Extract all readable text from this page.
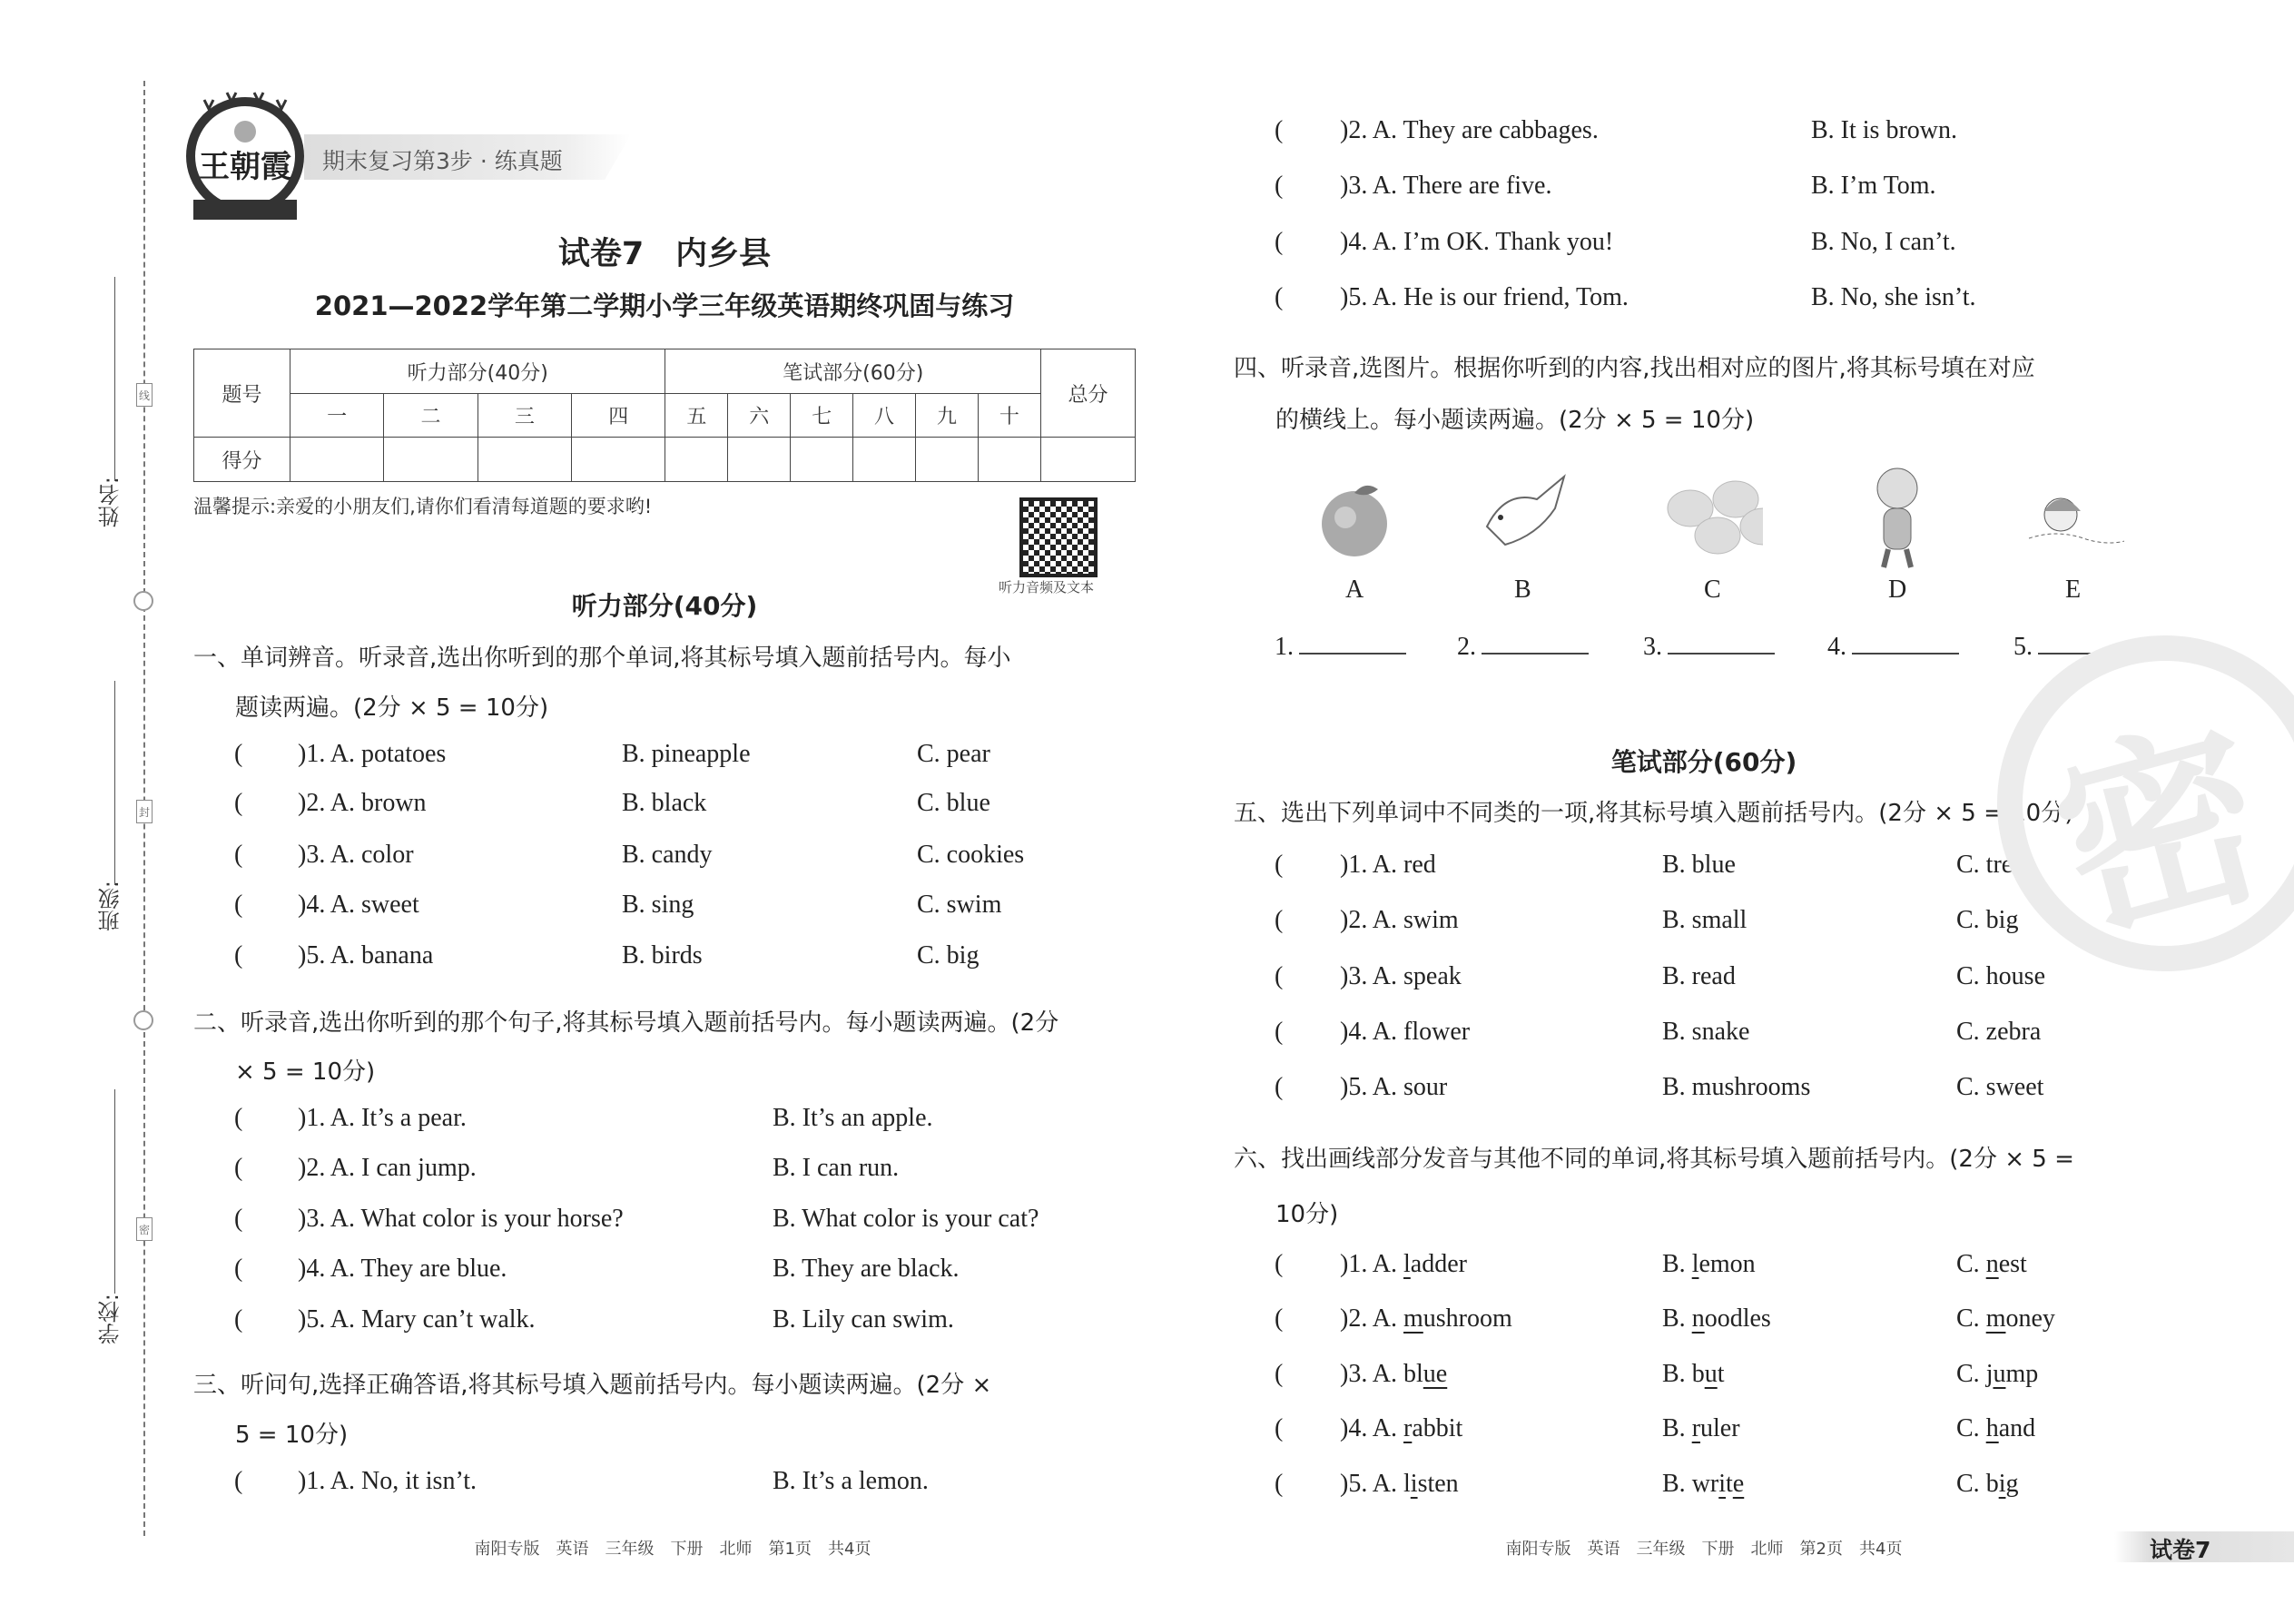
姓名:
班级:
学校:
线
封
密
王朝霞 期末复习第3步 · 练真题
试卷7　内乡县
2021—2022学年第二学期小学三年级英语期终巩固与练习
题号	听力部分(40分)				笔试部分(60分)						总分
	一	二	三	四	五	六	七	八	九	十	
得分											
温馨提示:亲爱的小朋友们,请你们看清每道题的要求哟!
听力音频及文本
听力部分(40分)
笔试部分(60分)
一、单词辨音。听录音,选出你听到的那个单词,将其标号填入题前括号内。每小
题读两遍。(2分 × 5 = 10分)
( )1. A. potatoes	B. pineapple	C. pear
( )2. A. brown	B. black	C. blue
( )3. A. color	B. candy	C. cookies
( )4. A. sweet	B. sing	C. swim
( )5. A. banana	B. birds	C. big
二、听录音,选出你听到的那个句子,将其标号填入题前括号内。每小题读两遍。(2分
× 5 = 10分)
( )1. A. It’s a pear.	B. It’s an apple.
( )2. A. I can jump.	B. I can run.
( )3. A. What color is your horse?	B. What color is your cat?
( )4. A. They are blue.	B. They are black.
( )5. A. Mary can’t walk.	B. Lily can swim.
三、听问句,选择正确答语,将其标号填入题前括号内。每小题读两遍。(2分 ×
5 = 10分)
( )1. A. No, it isn’t.	B. It’s a lemon.
( )2. A. They are cabbages.	B. It is brown.
( )3. A. There are five.	B. I’m Tom.
( )4. A. I’m OK. Thank you!	B. No, I can’t.
( )5. A. He is our friend, Tom.	B. No, she isn’t.
四、听录音,选图片。根据你听到的内容,找出相对应的图片,将其标号填在对应
的横线上。每小题读两遍。(2分 × 5 = 10分)
五、选出下列单词中不同类的一项,将其标号填入题前括号内。(2分 × 5 = 10分)
( )1. A. red	B. blue	C. tree
( )2. A. swim	B. small	C. big
( )3. A. speak	B. read	C. house
( )4. A. flower	B. snake	C. zebra
( )5. A. sour	B. mushrooms	C. sweet
六、找出画线部分发音与其他不同的单词,将其标号填入题前括号内。(2分 × 5 =
10分)
( )1. A. ladder	B. lemon	C. nest
( )2. A. mushroom	B. noodles	C. money
( )3. A. blue	B. but	C. jump
( )4. A. rabbit	B. ruler	C. hand
( )5. A. listen	B. write	C. big
A	B	C	D	E
1.	2.	3.	4.	5.
南阳专版　英语　三年级　下册　北师　第1页　共4页	南阳专版　英语　三年级　下册　北师　第2页　共4页	试卷7
密
